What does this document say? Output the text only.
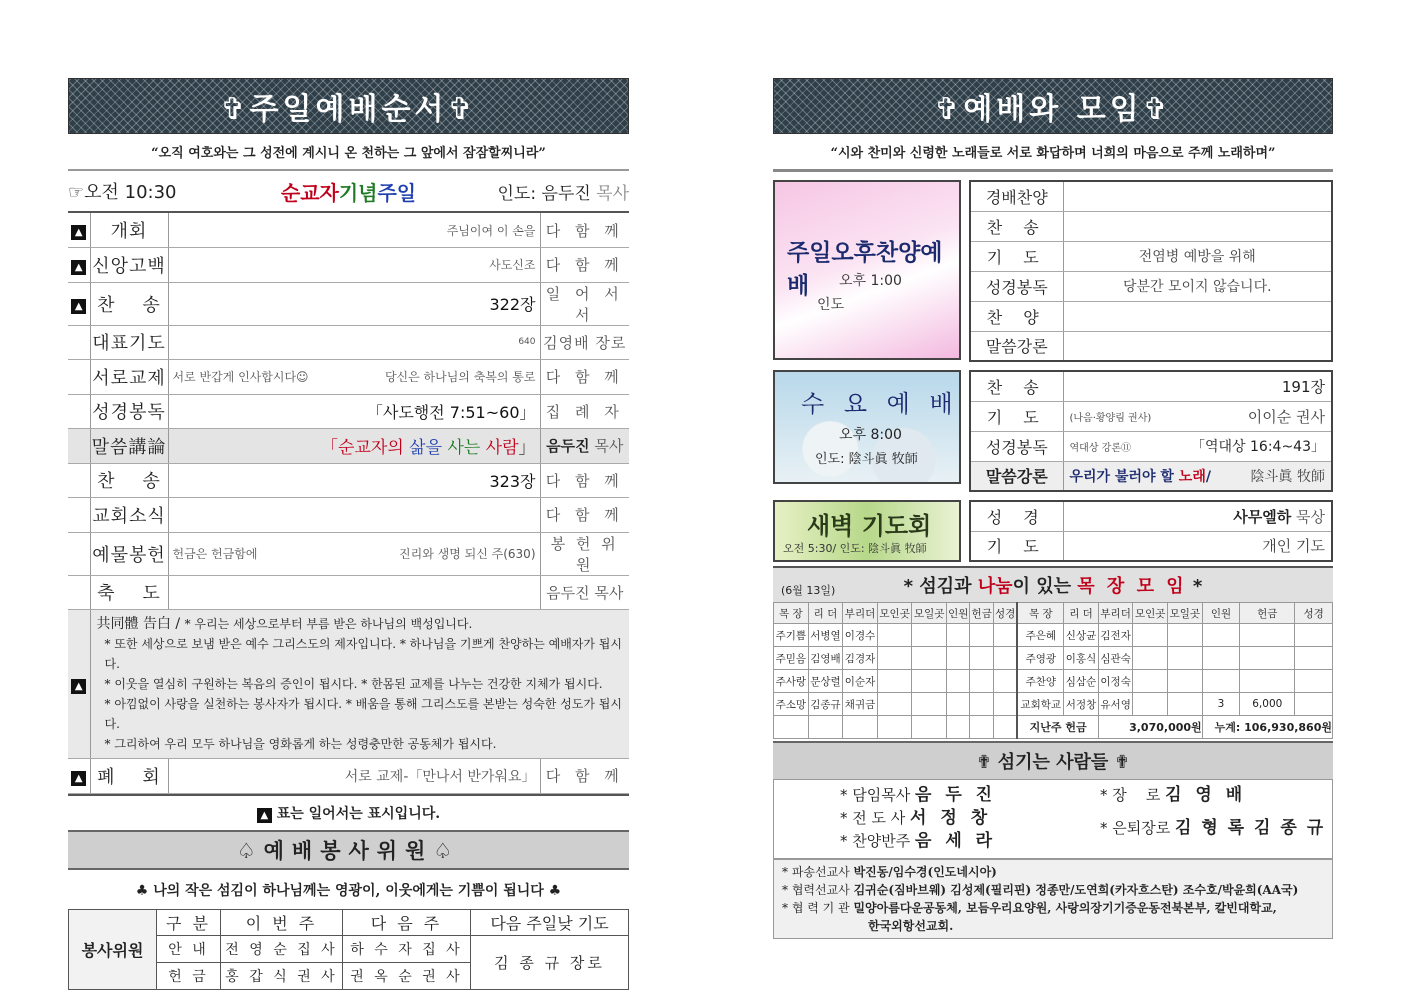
✞주일예배순서✞
“오직 여호와는 그 성전에 계시니 온 천하는 그 앞에서 잠잠할찌니라”
☞오전 10:30	순교자기념주일	인도: 음두진 목사
▲	개회	주님이여 이 손을	다 함 께
▲	신앙고백	사도신조	다 함 께
▲	찬    송	322장	일 어 서 서
	대표기도	640	김영배 장로
	서로교제	서로 반갑게 인사합시다☺ 당신은 하나님의 축복의 통로	다 함 께
	성경봉독	「사도행전 7:51~60」	집 례 자
	말씀講論	「순교자의 삶을 사는 사람」	음두진 목사
	찬    송	323장	다 함 께
	교회소식		다 함 께
	예물봉헌	헌금은 헌금함에 진리와 생명 되신 주(630)	봉 헌 위 원
	축    도		음두진 목사
▲	共同體 告白 / * 우리는 세상으로부터 부름 받은 하나님의 백성입니다.
* 또한 세상으로 보냄 받은 예수 그리스도의 제자입니다. * 하나님을 기쁘게 찬양하는 예배자가 됩시다.
* 이웃을 열심히 구원하는 복음의 증인이 됩시다. * 한몸된 교제를 나누는 건강한 지체가 됩시다.
* 아낌없이 사랑을 실천하는 봉사자가 됩시다. * 배움을 통해 그리스도를 본받는 성숙한 성도가 됩시다.
* 그리하여 우리 모두 하나님을 영화롭게 하는 성령충만한 공동체가 됩시다.		

▲	폐    회	서로 교제-「만나서 반가워요」	다 함 께
▲ 표는 일어서는 표시입니다.
♤예배봉사위원♤
♣ 나의 작은 섬김이 하나님께는 영광이, 이웃에게는 기쁨이 됩니다 ♣
봉사위원	구 분	이 번 주	다 음 주	다음 주일낮 기도
	안 내	전 영 순 집 사	하 수 자 집 사	김 종 규 장로
	헌 금	홍 갑 식 권 사	권 옥 순 권 사	
✞예배와 모임✞
“시와 찬미와 신령한 노래들로 서로 화답하며 너희의 마음으로 주께 노래하며”
주일오후찬양예배	오후 1:00
인도
경배찬양	
찬 송	
기 도	전염병 예방을 위해
성경봉독	당분간 모이지 않습니다.
찬 양	
말씀강론	
수 요 예 배
오후 8:00
인도: 陰斗眞 牧師
찬 송	191장
기 도	(나음·황양림 권사) 이이순 권사

성경봉독	역대상 강론⑪ 「역대상 16:4~43」

말씀강론	우리가 불러야 할 노래/ 陰斗眞 牧師
새벽 기도회
오전 5:30/ 인도: 陰斗眞 牧師
성 경	사무엘하 묵상
기 도	개인 기도
(6월 13일)	* 섬김과 나눔이 있는 목 장 모 임 *
목 장	리 더	부리더	모인곳	모일곳	인원	헌금	성경	목 장	리 더	부리더	모인곳	모일곳	인원	헌금	성경
주기쁨	서병열	이경수						주은혜	신상균	김전자					
주믿음	김영배	김경자						주영광	이홍식	심관숙					
주사랑	문상렬	이순자						주찬양	심삼순	이정숙					
주소망	김종규	채귀금						교회학교	서정창	유서영			3	6,000	
								지난주 헌금		3,070,000원			누계: 106,930,860원		
✟ 섬기는 사람들 ✟
* 담임목사 음 두 진
* 전 도 사 서 정 창
* 찬양반주 음 세 라
* 장    로 김 영 배
* 은퇴장로 김 형 록 김 종 규
* 파송선교사 박진동/임수경(인도네시아)
* 협력선교사 김귀순(짐바브웨) 김성제(필리핀) 정종만/도연희(카자흐스탄) 조수호/박윤희(AA국)
* 협 력 기 관 밀양아름다운공동체, 보듬우리요양원, 사랑의장기기증운동전북본부, 칼빈대학교,
한국외항선교회.
